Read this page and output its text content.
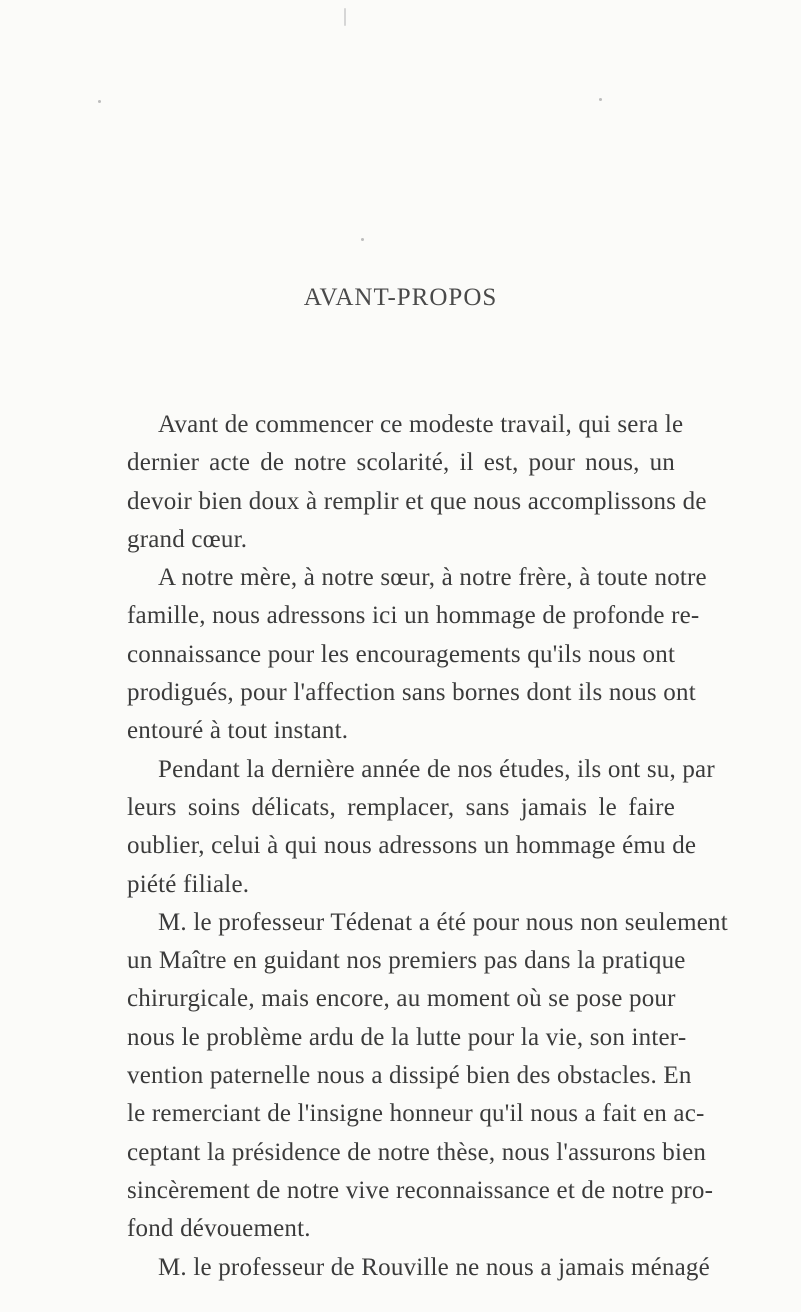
AVANT-PROPOS
Avant de commencer ce modeste travail, qui sera le
dernier acte de notre scolarité, il est, pour nous, un
devoir bien doux à remplir et que nous accomplissons de
grand cœur.
A notre mère, à notre sœur, à notre frère, à toute notre
famille, nous adressons ici un hommage de profonde re-
connaissance pour les encouragements qu'ils nous ont
prodigués, pour l'affection sans bornes dont ils nous ont
entouré à tout instant.
Pendant la dernière année de nos études, ils ont su, par
leurs soins délicats, remplacer, sans jamais le faire
oublier, celui à qui nous adressons un hommage ému de
piété filiale.
M. le professeur Tédenat a été pour nous non seulement
un Maître en guidant nos premiers pas dans la pratique
chirurgicale, mais encore, au moment où se pose pour
nous le problème ardu de la lutte pour la vie, son inter-
vention paternelle nous a dissipé bien des obstacles. En
le remerciant de l'insigne honneur qu'il nous a fait en ac-
ceptant la présidence de notre thèse, nous l'assurons bien
sincèrement de notre vive reconnaissance et de notre pro-
fond dévouement.
M. le professeur de Rouville ne nous a jamais ménagé
